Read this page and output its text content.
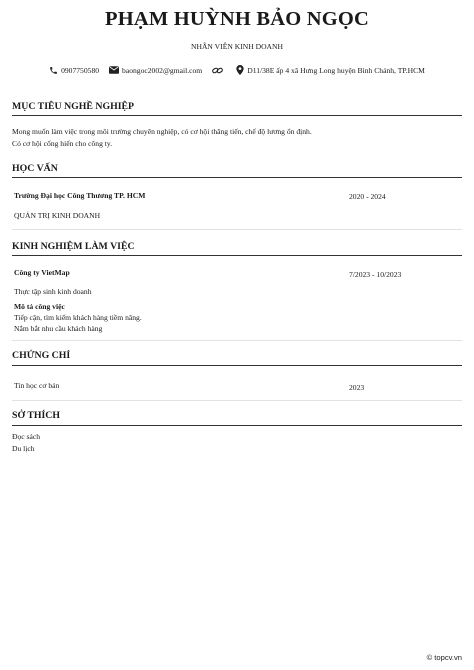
PHẠM HUỲNH BẢO NGỌC
NHÂN VIÊN KINH DOANH
0907750580	baongoc2002@gmail.com	D11/38E ấp 4 xã Hưng Long huyện Bình Chánh, TP.HCM
MỤC TIÊU NGHỀ NGHIỆP
Mong muốn làm việc trong môi trường chuyên nghiệp, có cơ hội thăng tiến, chế độ lương ổn định.
Có cơ hội cống hiến cho công ty.
HỌC VẤN
Trường Đại học Công Thương TP. HCM	2020 - 2024
QUẢN TRỊ KINH DOANH
KINH NGHIỆM LÀM VIỆC
Công ty VietMap	7/2023 - 10/2023
Thực tập sinh kinh doanh
Mô tả công việc
Tiếp cận, tìm kiếm khách hàng tiềm năng.
Nắm bắt nhu cầu khách hàng
CHỨNG CHỈ
Tin học cơ bản	2023
SỞ THÍCH
Đọc sách
Du lịch
© topcv.vn
